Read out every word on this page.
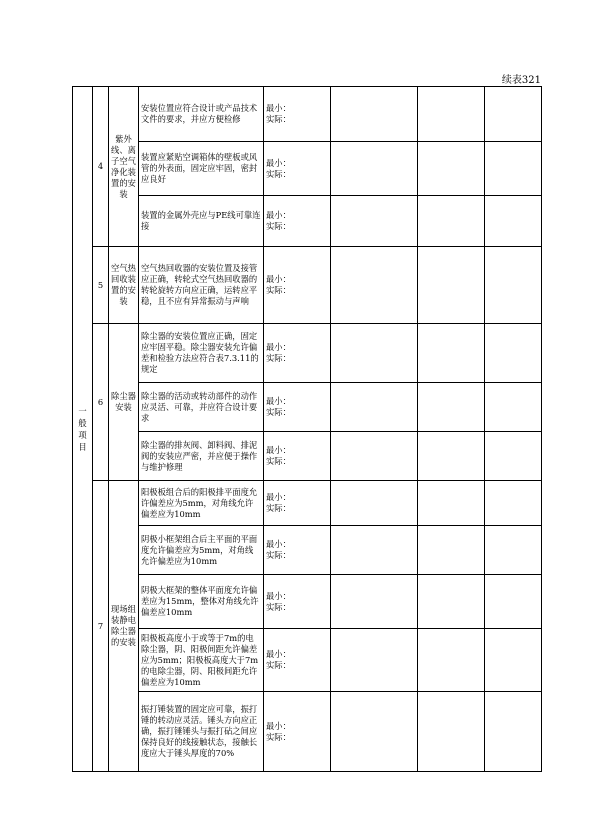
续表321
一般项目	4	紫外线、离子空气净化装置的安装	安装位置应符合设计或产品技术文件的要求，并应方便检修	最小：
实际：			

			装置应紧贴空调箱体的壁板或风管的外表面，固定应牢固，密封应良好	最小：
实际：			

			装置的金属外壳应与PE线可靠连接	最小：
实际：			

	5	空气热回收装置的安装	空气热回收器的安装位置及接管应正确，转轮式空气热回收器的转轮旋转方向应正确，运转应平稳，且不应有异常振动与声响	最小：
实际：			

	6	除尘器安装	除尘器的安装位置应正确，固定应牢固平稳。除尘器安装允许偏差和检验方法应符合表7.3.11的规定	最小：
实际：			

			除尘器的活动或转动部件的动作应灵活、可靠，并应符合设计要求	最小：
实际：			

			除尘器的排灰阀、卸料阀、排泥阀的安装应严密，并应便于操作与维护修理	最小：
实际：			

	7	现场组装静电除尘器的安装	阳极板组合后的阳极排平面度允许偏差应为5mm，对角线允许偏差应为10mm	最小：
实际：			

			阴极小框架组合后主平面的平面度允许偏差应为5mm，对角线允许偏差应为10mm	最小：
实际：			

			阴极大框架的整体平面度允许偏差应为15mm，整体对角线允许偏差应10mm	最小：
实际：			

			阳极板高度小于或等于7m的电除尘器，阴、阳极间距允许偏差应为5mm；阳极板高度大于7m的电除尘器，阴、阳极间距允许偏差应为10mm	最小：
实际：			

			振打锤装置的固定应可靠，振打锤的转动应灵活。锤头方向应正确，振打锤锤头与振打砧之间应保持良好的线接触状态，接触长度应大于锤头厚度的70%	最小：
实际：			
